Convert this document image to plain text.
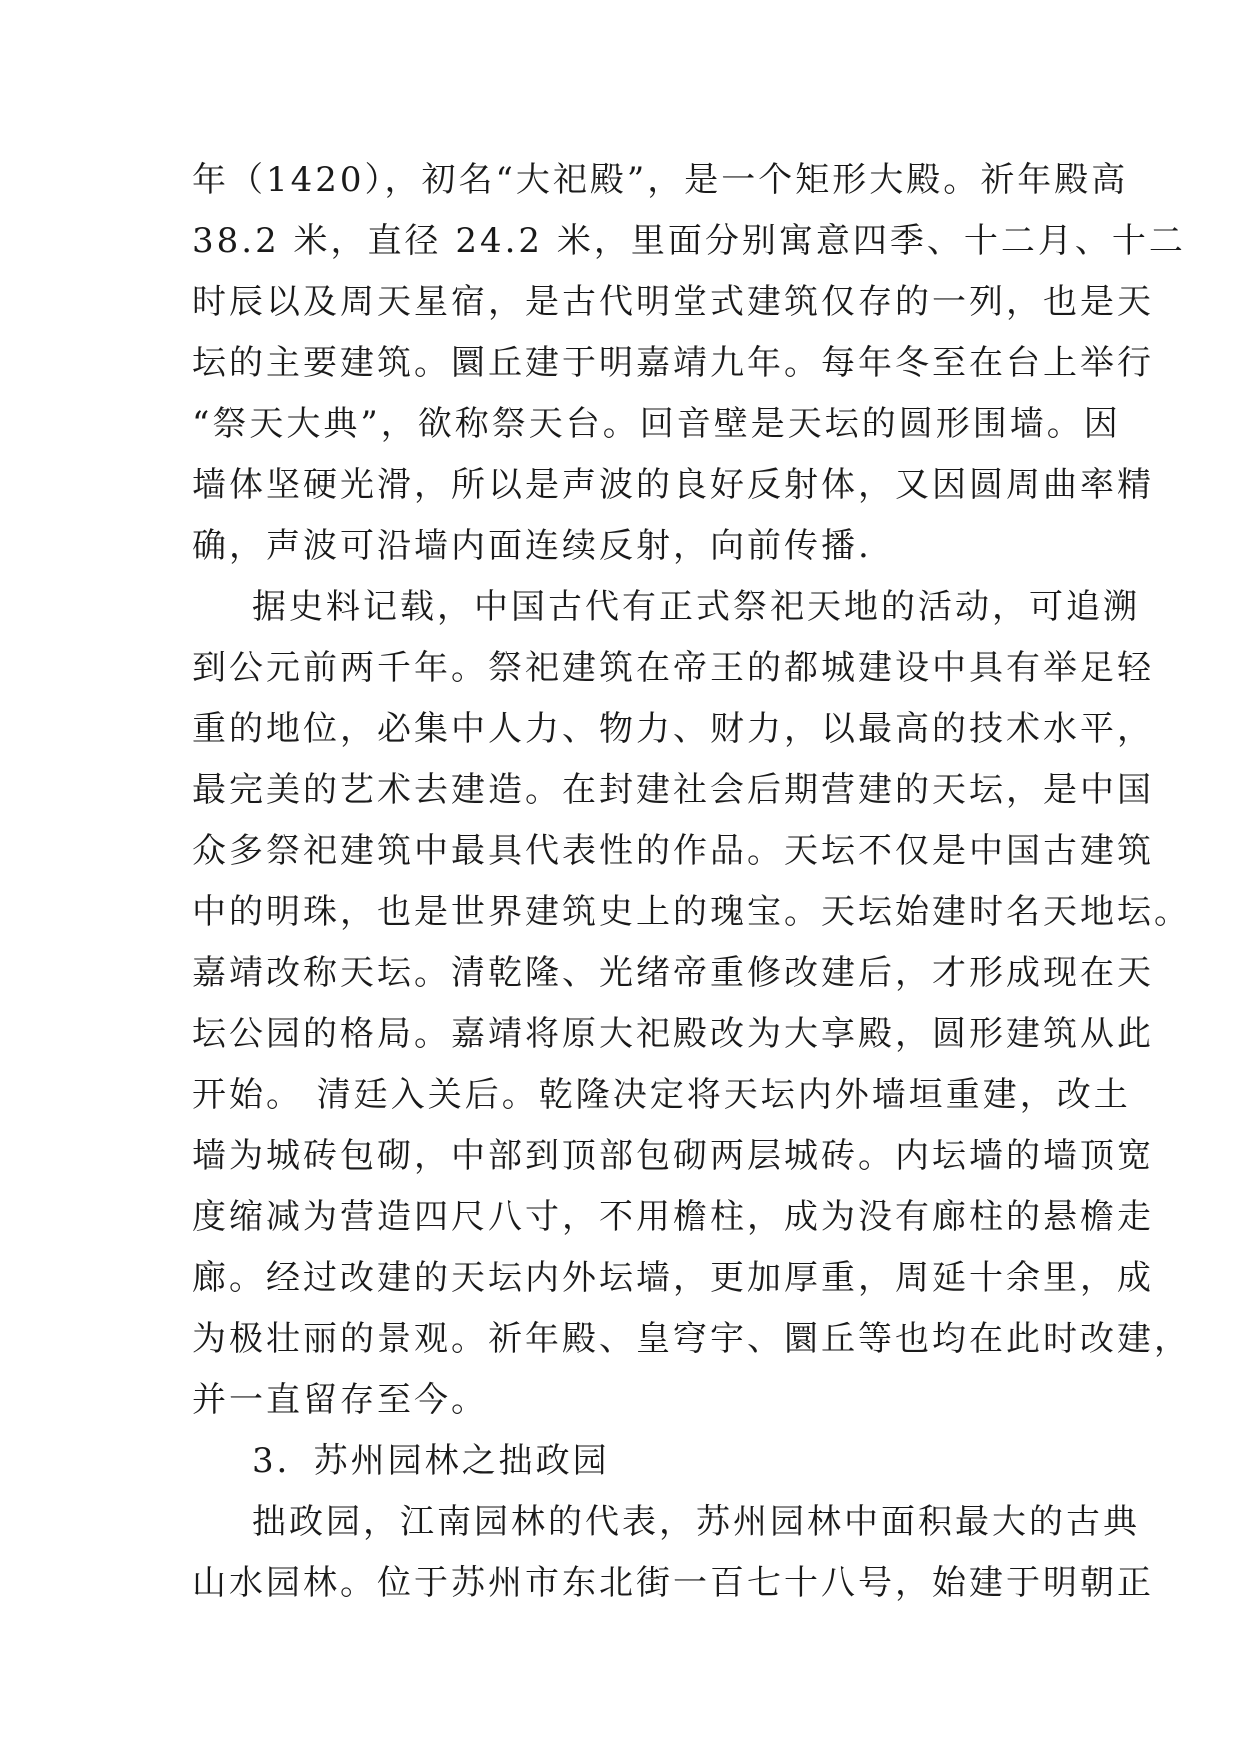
年（1420），初名“大祀殿”，是一个矩形大殿。祈年殿高
38.2 米，直径 24.2 米，里面分别寓意四季、十二月、十二
时辰以及周天星宿，是古代明堂式建筑仅存的一列，也是天
坛的主要建筑。圜丘建于明嘉靖九年。每年冬至在台上举行
“祭天大典”，欲称祭天台。回音壁是天坛的圆形围墙。因
墙体坚硬光滑，所以是声波的良好反射体，又因圆周曲率精
确，声波可沿墙内面连续反射，向前传播.
据史料记载，中国古代有正式祭祀天地的活动，可追溯
到公元前两千年。祭祀建筑在帝王的都城建设中具有举足轻
重的地位，必集中人力、物力、财力，以最高的技术水平，
最完美的艺术去建造。在封建社会后期营建的天坛，是中国
众多祭祀建筑中最具代表性的作品。天坛不仅是中国古建筑
中的明珠，也是世界建筑史上的瑰宝。天坛始建时名天地坛。
嘉靖改称天坛。清乾隆、光绪帝重修改建后，才形成现在天
坛公园的格局。嘉靖将原大祀殿改为大享殿，圆形建筑从此
开始。 清廷入关后。乾隆决定将天坛内外墙垣重建，改土
墙为城砖包砌，中部到顶部包砌两层城砖。内坛墙的墙顶宽
度缩减为营造四尺八寸，不用檐柱，成为没有廊柱的悬檐走
廊。经过改建的天坛内外坛墙，更加厚重，周延十余里，成
为极壮丽的景观。祈年殿、皇穹宇、圜丘等也均在此时改建，
并一直留存至今。
3．苏州园林之拙政园
拙政园，江南园林的代表，苏州园林中面积最大的古典
山水园林。位于苏州市东北街一百七十八号，始建于明朝正
